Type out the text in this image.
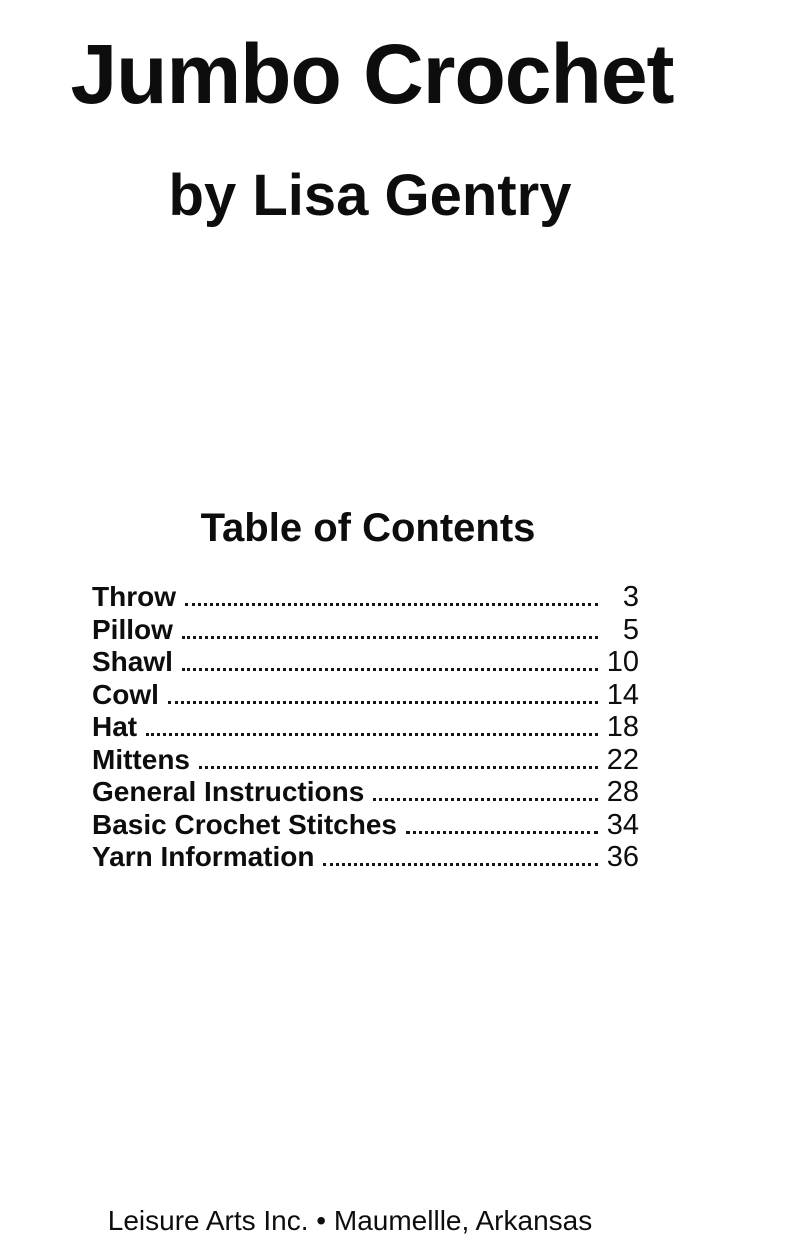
Jumbo Crochet
by Lisa Gentry
Table of Contents
Throw	3
Pillow	5
Shawl	10
Cowl	14
Hat	18
Mittens	22
General Instructions	28
Basic Crochet Stitches	34
Yarn Information	36
Leisure Arts Inc. • Maumellle, Arkansas
